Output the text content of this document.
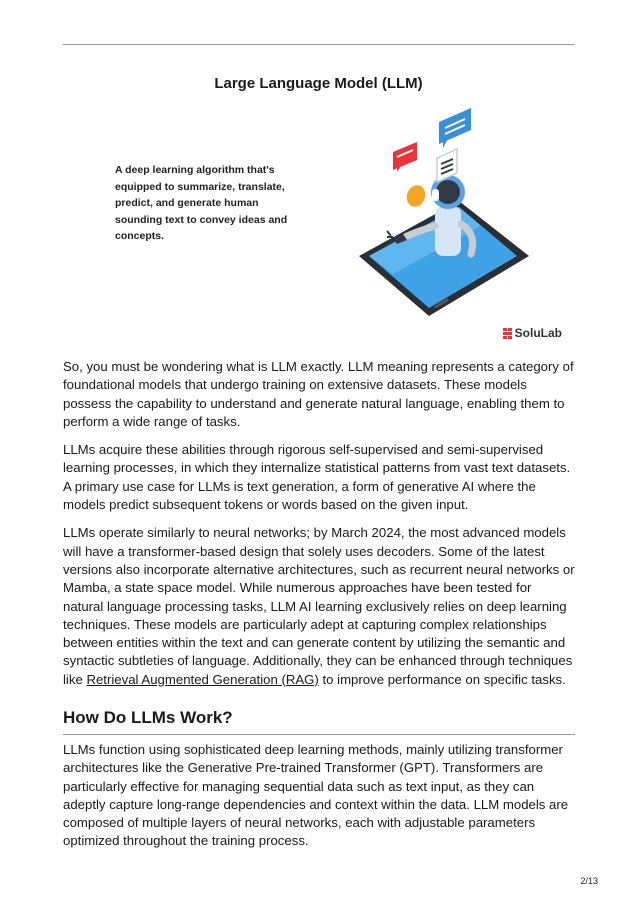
Large Language Model (LLM)
A deep learning algorithm that's equipped to summarize, translate, predict, and generate human sounding text to convey ideas and concepts.
SoluLab

So, you must be wondering what is LLM exactly. LLM meaning represents a category of foundational models that undergo training on extensive datasets. These models possess the capability to understand and generate natural language, enabling them to perform a wide range of tasks.

LLMs acquire these abilities through rigorous self-supervised and semi-supervised learning processes, in which they internalize statistical patterns from vast text datasets. A primary use case for LLMs is text generation, a form of generative AI where the models predict subsequent tokens or words based on the given input.

LLMs operate similarly to neural networks; by March 2024, the most advanced models will have a transformer-based design that solely uses decoders. Some of the latest versions also incorporate alternative architectures, such as recurrent neural networks or Mamba, a state space model. While numerous approaches have been tested for natural language processing tasks, LLM AI learning exclusively relies on deep learning techniques. These models are particularly adept at capturing complex relationships between entities within the text and can generate content by utilizing the semantic and syntactic subtleties of language. Additionally, they can be enhanced through techniques like Retrieval Augmented Generation (RAG) to improve performance on specific tasks.

How Do LLMs Work?

LLMs function using sophisticated deep learning methods, mainly utilizing transformer architectures like the Generative Pre-trained Transformer (GPT). Transformers are particularly effective for managing sequential data such as text input, as they can adeptly capture long-range dependencies and context within the data. LLM models are composed of multiple layers of neural networks, each with adjustable parameters optimized throughout the training process.

2/13
